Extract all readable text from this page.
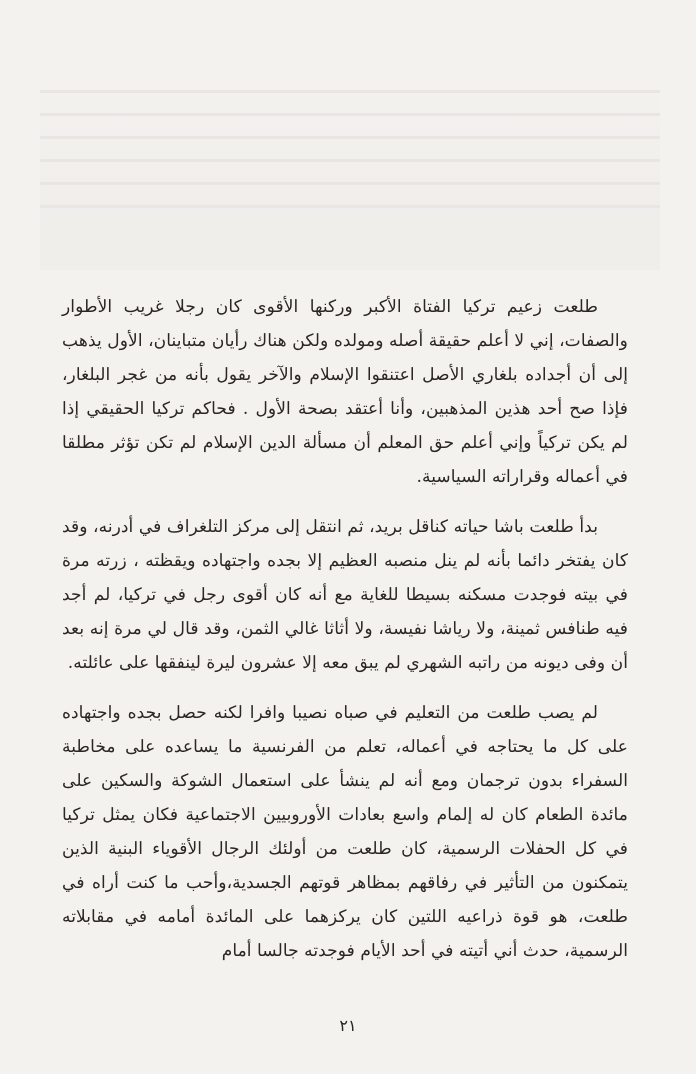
طلعت زعيم تركيا الفتاة الأكبر وركنها الأقوى كان رجلا غريب الأطوار والصفات، إني لا أعلم حقيقة أصله ومولده ولكن هناك رأيان متباينان، الأول يذهب إلى أن أجداده بلغاري الأصل اعتنقوا الإسلام والآخر يقول بأنه من غجر البلغار، فإذا صح أحد هذين المذهبين، وأنا أعتقد بصحة الأول . فحاكم تركيا الحقيقي إذا لم يكن تركياً وإني أعلم حق المعلم أن مسألة الدين الإسلام لم تكن تؤثر مطلقا في أعماله وقراراته السياسية.

بدأ طلعت باشا حياته كناقل بريد، ثم انتقل إلى مركز التلغراف في أدرنه، وقد كان يفتخر دائما بأنه لم ينل منصبه العظيم إلا بجده واجتهاده ويقظته ، زرته مرة في بيته فوجدت مسكنه بسيطا للغاية مع أنه كان أقوى رجل في تركيا، لم أجد فيه طنافس ثمينة، ولا رياشا نفيسة، ولا أثاثا غالي الثمن، وقد قال لي مرة إنه بعد أن وفى ديونه من راتبه الشهري لم يبق معه إلا عشرون ليرة لينفقها على عائلته.

لم يصب طلعت من التعليم في صباه نصيبا وافرا لكنه حصل بجده واجتهاده على كل ما يحتاجه في أعماله، تعلم من الفرنسية ما يساعده على مخاطبة السفراء بدون ترجمان ومع أنه لم ينشأ على استعمال الشوكة والسكين على مائدة الطعام كان له إلمام واسع بعادات الأوروبيين الاجتماعية فكان يمثل تركيا في كل الحفلات الرسمية، كان طلعت من أولئك الرجال الأقوياء البنية الذين يتمكنون من التأثير في رفاقهم بمظاهر قوتهم الجسدية،وأحب ما كنت أراه في طلعت، هو قوة ذراعيه اللتين كان يركزهما على المائدة أمامه في مقابلاته الرسمية، حدث أني أتيته في أحد الأيام فوجدته جالسا أمام

٢١
